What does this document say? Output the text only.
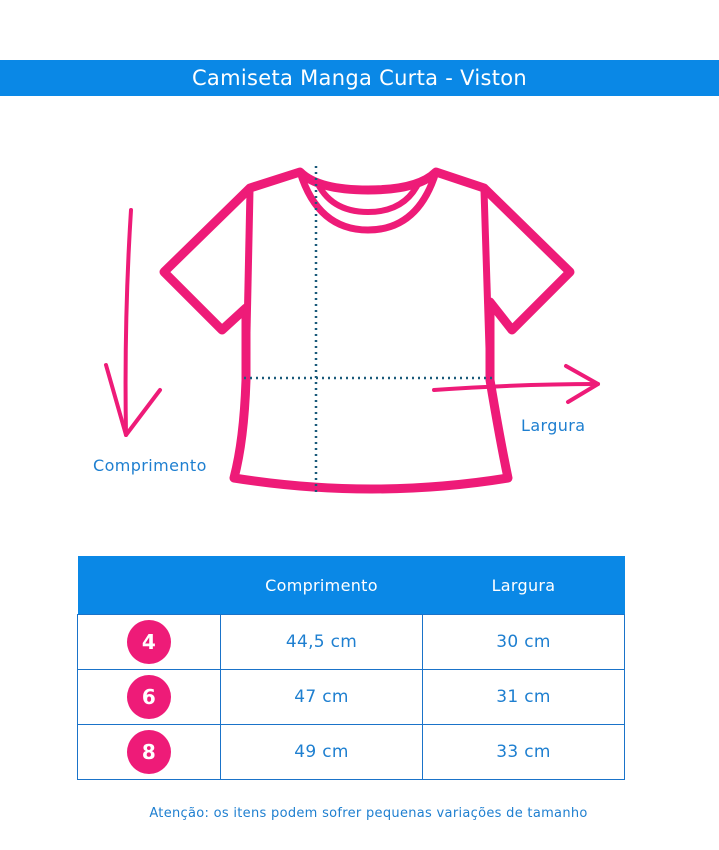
Camiseta Manga Curta - Viston
Comprimento
Largura
	Comprimento	Largura
4	44,5 cm	30 cm
6	47 cm	31 cm
8	49 cm	33 cm
Atenção: os itens podem sofrer pequenas variações de tamanho
